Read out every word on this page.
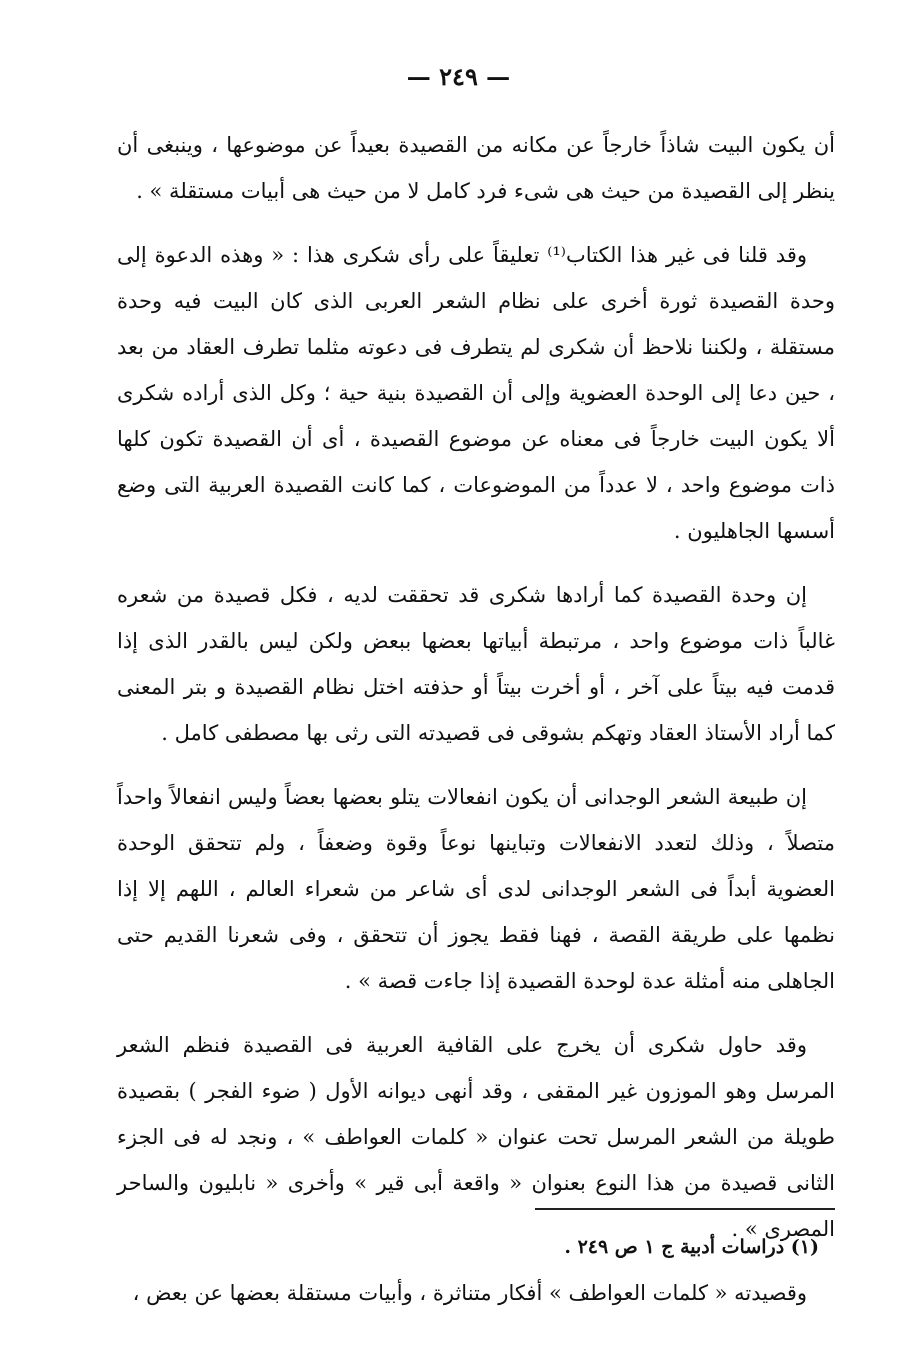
— ٢٤٩ —

أن يكون البيت شاذاً خارجاً عن مكانه من القصيدة بعيداً عن موضوعها ، وينبغى أن ينظر إلى القصيدة من حيث هى شىء فرد كامل لا من حيث هى أبيات مستقلة » .

وقد قلنا فى غير هذا الكتاب⁽¹⁾ تعليقاً على رأى شكرى هذا : « وهذه الدعوة إلى وحدة القصيدة ثورة أخرى على نظام الشعر العربى الذى كان البيت فيه وحدة مستقلة ، ولكننا نلاحظ أن شكرى لم يتطرف فى دعوته مثلما تطرف العقاد من بعد ، حين دعا إلى الوحدة العضوية وإلى أن القصيدة بنية حية ؛ وكل الذى أراده شكرى ألا يكون البيت خارجاً فى معناه عن موضوع القصيدة ، أى أن القصيدة تكون كلها ذات موضوع واحد ، لا عدداً من الموضوعات ، كما كانت القصيدة العربية التى وضع أسسها الجاهليون .

إن وحدة القصيدة كما أرادها شكرى قد تحققت لديه ، فكل قصيدة من شعره غالباً ذات موضوع واحد ، مرتبطة أبياتها بعضها ببعض ولكن ليس بالقدر الذى إذا قدمت فيه بيتاً على آخر ، أو أخرت بيتاً أو حذفته اختل نظام القصيدة و بتر المعنى كما أراد الأستاذ العقاد وتهكم بشوقى فى قصيدته التى رثى بها مصطفى كامل .

إن طبيعة الشعر الوجدانى أن يكون انفعالات يتلو بعضها بعضاً وليس انفعالاً واحداً متصلاً ، وذلك لتعدد الانفعالات وتباينها نوعاً وقوة وضعفاً ، ولم تتحقق الوحدة العضوية أبداً فى الشعر الوجدانى لدى أى شاعر من شعراء العالم ، اللهم إلا إذا نظمها على طريقة القصة ، فهنا فقط يجوز أن تتحقق ، وفى شعرنا القديم حتى الجاهلى منه أمثلة عدة لوحدة القصيدة إذا جاءت قصة » .

وقد حاول شكرى أن يخرج على القافية العربية فى القصيدة فنظم الشعر المرسل وهو الموزون غير المقفى ، وقد أنهى ديوانه الأول ( ضوء الفجر ) بقصيدة طويلة من الشعر المرسل تحت عنوان « كلمات العواطف » ، ونجد له فى الجزء الثانى قصيدة من هذا النوع بعنوان « واقعة أبى قير » وأخرى « نابليون والساحر المصرى » .

وقصيدته « كلمات العواطف » أفكار متناثرة ، وأبيات مستقلة بعضها عن بعض ،

(١) دراسات أدبية ج ١ ص ٢٤٩ .
